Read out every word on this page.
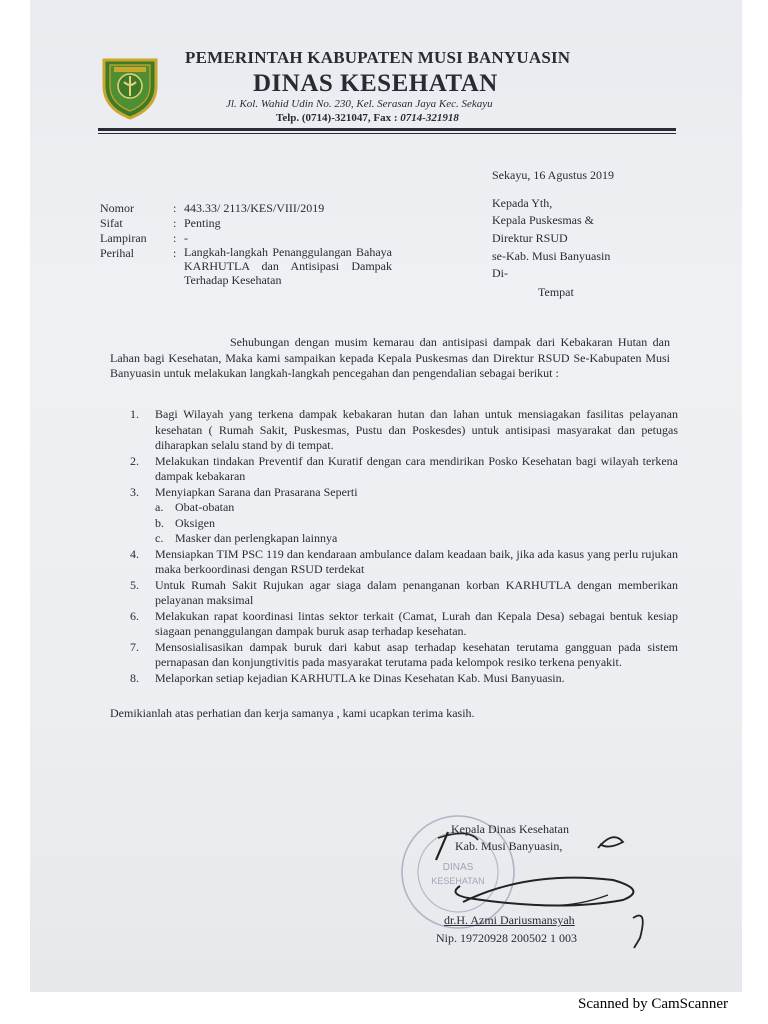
PEMERINTAH KABUPATEN MUSI BANYUASIN
DINAS KESEHATAN
Jl. Kol. Wahid Udin No. 230, Kel. Serasan Jaya Kec. Sekayu
Telp. (0714)-321047, Fax : 0714-321918
Sekayu, 16 Agustus 2019
Nomor	: 443.33/ 2113/KES/VIII/2019
Sifat	: Penting
Lampiran : -
Perihal	: Langkah-langkah Penanggulangan Bahaya KARHUTLA dan Antisipasi Dampak Terhadap Kesehatan
Kepada Yth,
Kepala Puskesmas &
Direktur RSUD
se-Kab. Musi Banyuasin
Di-
Tempat
Sehubungan dengan musim kemarau dan antisipasi dampak dari Kebakaran Hutan dan Lahan bagi Kesehatan, Maka kami sampaikan kepada Kepala Puskesmas dan Direktur RSUD Se-Kabupaten Musi Banyuasin untuk melakukan langkah-langkah pencegahan dan pengendalian sebagai berikut :
1. Bagi Wilayah yang terkena dampak kebakaran hutan dan lahan untuk mensiagakan fasilitas pelayanan kesehatan ( Rumah Sakit, Puskesmas, Pustu dan Poskesdes) untuk antisipasi masyarakat dan petugas diharapkan selalu stand by di tempat.
2. Melakukan tindakan Preventif dan Kuratif dengan cara mendirikan Posko Kesehatan bagi wilayah terkena dampak kebakaran
3. Menyiapkan Sarana dan Prasarana Seperti
a. Obat-obatan
b. Oksigen
c. Masker dan perlengkapan lainnya
4. Mensiapkan TIM PSC 119 dan kendaraan ambulance dalam keadaan baik, jika ada kasus yang perlu rujukan maka berkoordinasi dengan RSUD terdekat
5. Untuk Rumah Sakit Rujukan agar siaga dalam penanganan korban KARHUTLA dengan memberikan pelayanan maksimal
6. Melakukan rapat koordinasi lintas sektor terkait (Camat, Lurah dan Kepala Desa) sebagai bentuk kesiap siagaan penanggulangan dampak buruk asap terhadap kesehatan.
7. Mensosialisasikan dampak buruk dari kabut asap terhadap kesehatan terutama gangguan pada sistem pernapasan dan konjungtivitis pada masyarakat terutama pada kelompok resiko terkena penyakit.
8. Melaporkan setiap kejadian KARHUTLA ke Dinas Kesehatan Kab. Musi Banyuasin.
Demikianlah atas perhatian dan kerja samanya , kami ucapkan terima kasih.
DINAS
KESEHATAN
Kepala Dinas Kesehatan
Kab. Musi Banyuasin,
dr.H. Azmi Dariusmansyah
Nip. 19720928 200502 1 003
Scanned by CamScanner
